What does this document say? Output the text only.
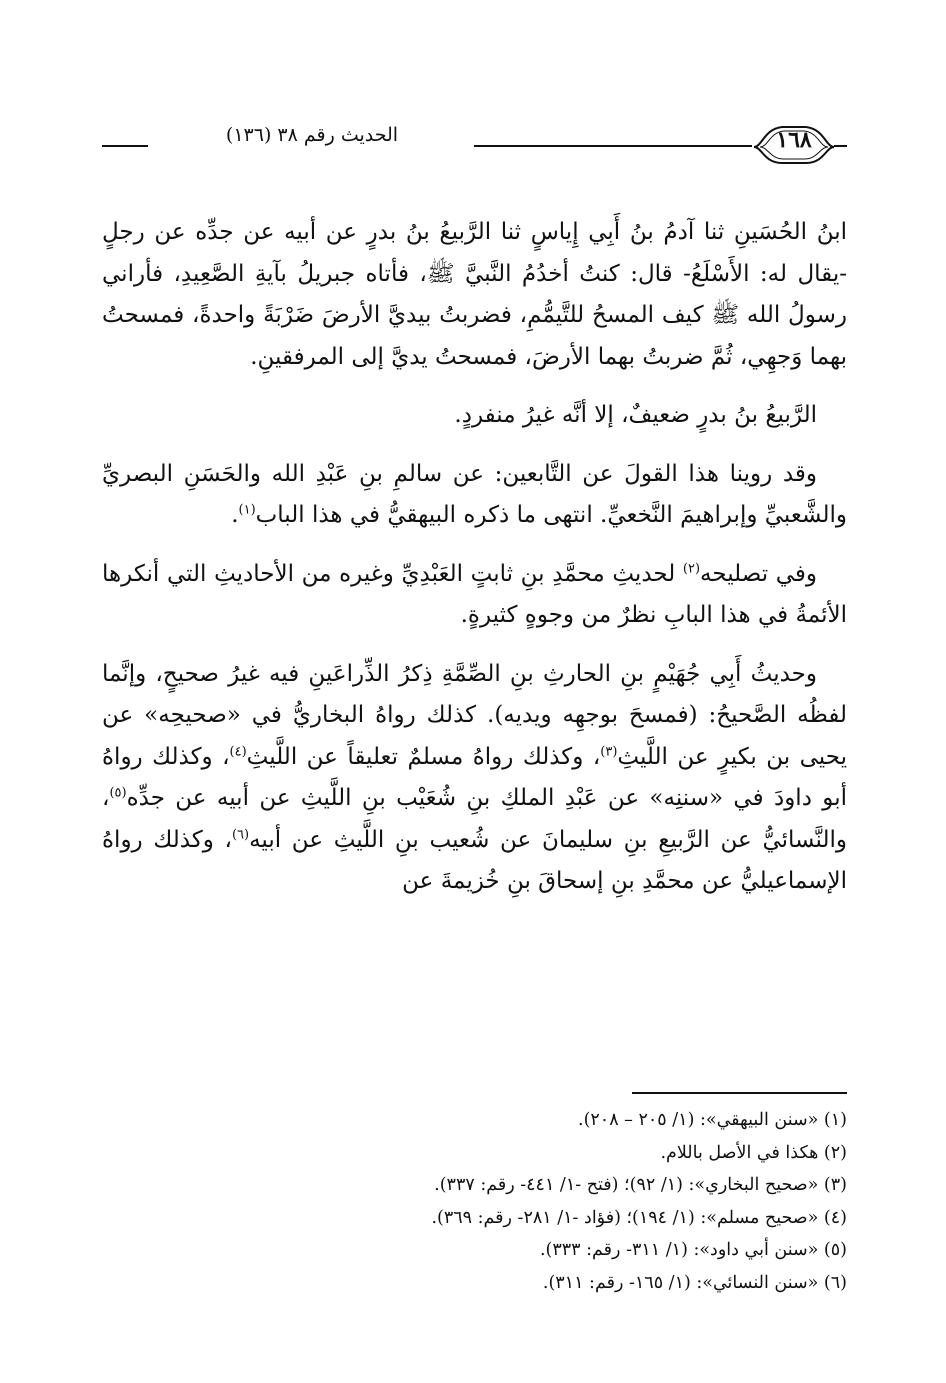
الحديث رقم ٣٨ (١٣٦)	١٦٨

ابنُ الحُسَينِ ثنا آدمُ بنُ أَبِي إِياسٍ ثنا الرَّبيعُ بنُ بدرٍ عن أبيه عن جدِّه عن رجلٍ -يقال له: الأَسْلَعُ- قال: كنتُ أخدُمُ النَّبيَّ ﷺ، فأتاه جبريلُ بآيةِ الصَّعِيدِ، فأراني رسولُ الله ﷺ كيف المسحُ للتَّيمُّمِ، فضربتُ بيديَّ الأرضَ ضَرْبَةً واحدةً، فمسحتُ بهما وَجهِي، ثُمَّ ضربتُ بهما الأرضَ، فمسحتُ يديَّ إلى المرفقينِ.

الرَّبيعُ بنُ بدرٍ ضعيفٌ، إلا أنَّه غيرُ منفردٍ.

وقد روينا هذا القولَ عن التَّابعين: عن سالمِ بنِ عَبْدِ الله والحَسَنِ البصريِّ والشَّعبيِّ وإبراهيمَ النَّخعيِّ. انتهى ما ذكره البيهقيُّ في هذا الباب$^{(١)}$.

وفي تصليحه$^{(٢)}$ لحديثِ محمَّدِ بنِ ثابتٍ العَبْدِيِّ وغيره من الأحاديثِ التي أنكرها الأئمةُ في هذا البابِ نظرٌ من وجوهٍ كثيرةٍ.

وحديثُ أَبِي جُهَيْمٍ بنِ الحارثِ بنِ الصِّمَّةِ ذِكرُ الذِّراعَينِ فيه غيرُ صحيحٍ، وإنَّما لفظُه الصَّحيحُ: (فمسحَ بوجهِه ويديه). كذلك رواهُ البخاريُّ في «صحيحِه» عن يحيى بن بكيرٍ عن اللَّيثِ$^{(٣)}$، وكذلك رواهُ مسلمٌ تعليقاً عن اللَّيثِ$^{(٤)}$، وكذلك رواهُ أبو داودَ في «سننِه» عن عَبْدِ الملكِ بنِ شُعَيْب بنِ اللَّيثِ عن أبيه عن جدِّه$^{(٥)}$، والنَّسائيُّ عن الرَّبيعِ بنِ سليمانَ عن شُعيب بنِ اللَّيثِ عن أبيه$^{(٦)}$، وكذلك رواهُ الإسماعيليُّ عن محمَّدِ بنِ إسحاقَ بنِ خُزيمةَ عن

(١) «سنن البيهقي»: (١/ ٢٠٥ – ٢٠٨).
(٢) هكذا في الأصل باللام.
(٣) «صحيح البخاري»: (١/ ٩٢)؛ (فتح -١/ ٤٤١- رقم: ٣٣٧).
(٤) «صحيح مسلم»: (١/ ١٩٤)؛ (فؤاد -١/ ٢٨١- رقم: ٣٦٩).
(٥) «سنن أبي داود»: (١/ ٣١١- رقم: ٣٣٣).
(٦) «سنن النسائي»: (١/ ١٦٥- رقم: ٣١١).
